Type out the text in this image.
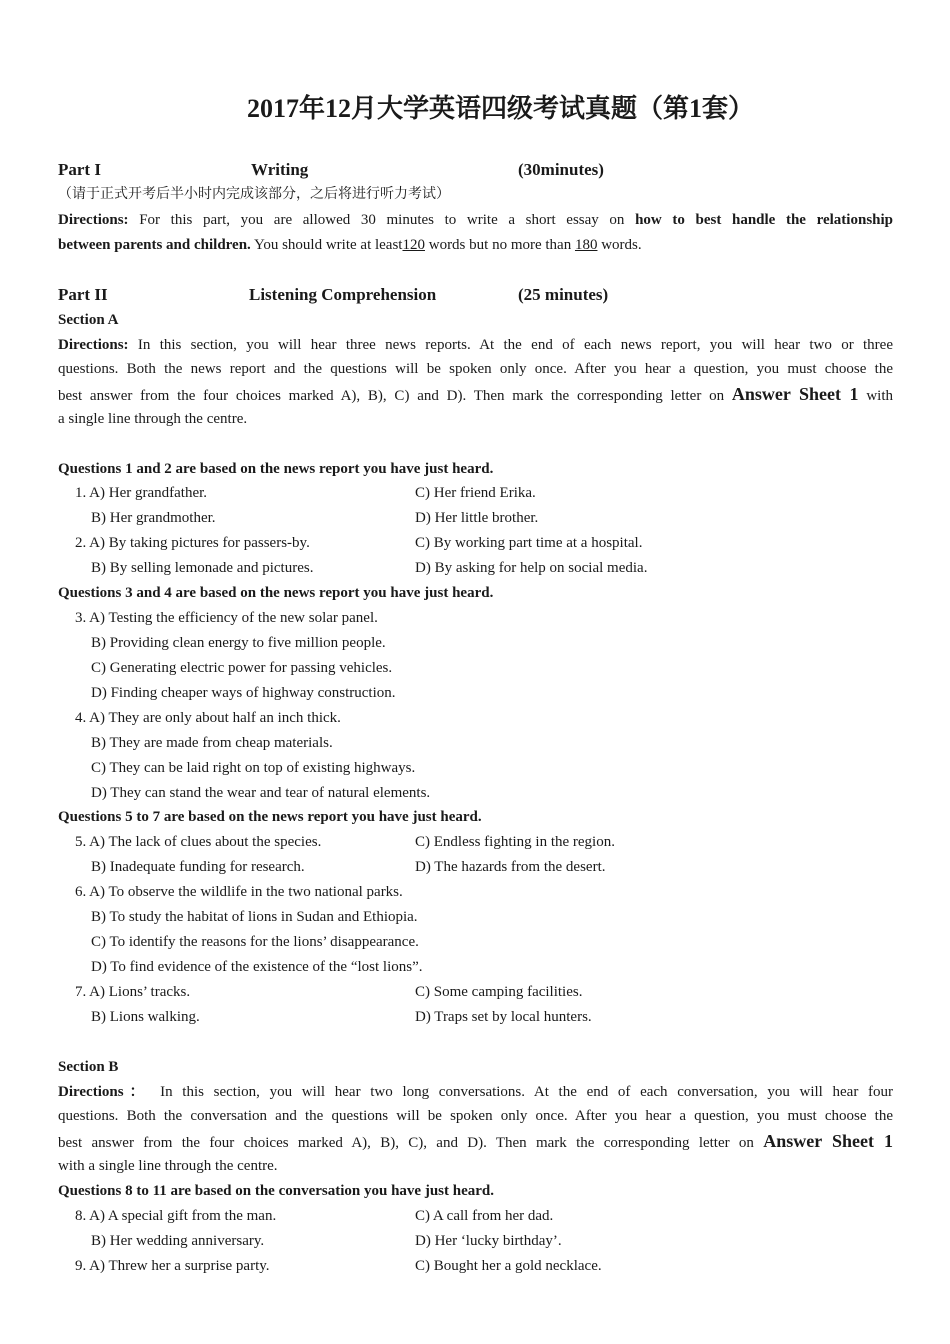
2017年12月大学英语四级考试真题（第1套）
Part I	Writing	(30minutes)
（请于正式开考后半小时内完成该部分，之后将进行听力考试）
Directions: For this part, you are allowed 30 minutes to write a short essay on how to best handle the relationship
between parents and children. You should write at least120 words but no more than 180 words.
Part II	Listening Comprehension	(25 minutes)
Section A
Directions: In this section, you will hear three news reports. At the end of each news report, you will hear two or three
questions. Both the news report and the questions will be spoken only once. After you hear a question, you must choose the
best answer from the four choices marked A), B), C) and D). Then mark the corresponding letter on Answer Sheet 1 with
a single line through the centre.
Questions 1 and 2 are based on the news report you have just heard.
1. A) Her grandfather.	C) Her friend Erika.
B) Her grandmother.	D) Her little brother.
2. A) By taking pictures for passers-by.	C) By working part time at a hospital.
B) By selling lemonade and pictures.	D) By asking for help on social media.
Questions 3 and 4 are based on the news report you have just heard.
3. A) Testing the efficiency of the new solar panel.
B) Providing clean energy to five million people.
C) Generating electric power for passing vehicles.
D) Finding cheaper ways of highway construction.
4. A) They are only about half an inch thick.
B) They are made from cheap materials.
C) They can be laid right on top of existing highways.
D) They can stand the wear and tear of natural elements.
Questions 5 to 7 are based on the news report you have just heard.
5. A) The lack of clues about the species.	C) Endless fighting in the region.
B) Inadequate funding for research.	D) The hazards from the desert.
6. A) To observe the wildlife in the two national parks.
B) To study the habitat of lions in Sudan and Ethiopia.
C) To identify the reasons for the lions’ disappearance.
D) To find evidence of the existence of the “lost lions”.
7. A) Lions’ tracks.	C) Some camping facilities.
B) Lions walking.	D) Traps set by local hunters.
Section B
Directions： In this section, you will hear two long conversations. At the end of each conversation, you will hear four
questions. Both the conversation and the questions will be spoken only once. After you hear a question, you must choose the
best answer from the four choices marked A), B), C), and D). Then mark the corresponding letter on Answer Sheet 1
with a single line through the centre.
Questions 8 to 11 are based on the conversation you have just heard.
8. A) A special gift from the man.	C) A call from her dad.
B) Her wedding anniversary.	D) Her ‘lucky birthday’.
9. A) Threw her a surprise party.	C) Bought her a gold necklace.
